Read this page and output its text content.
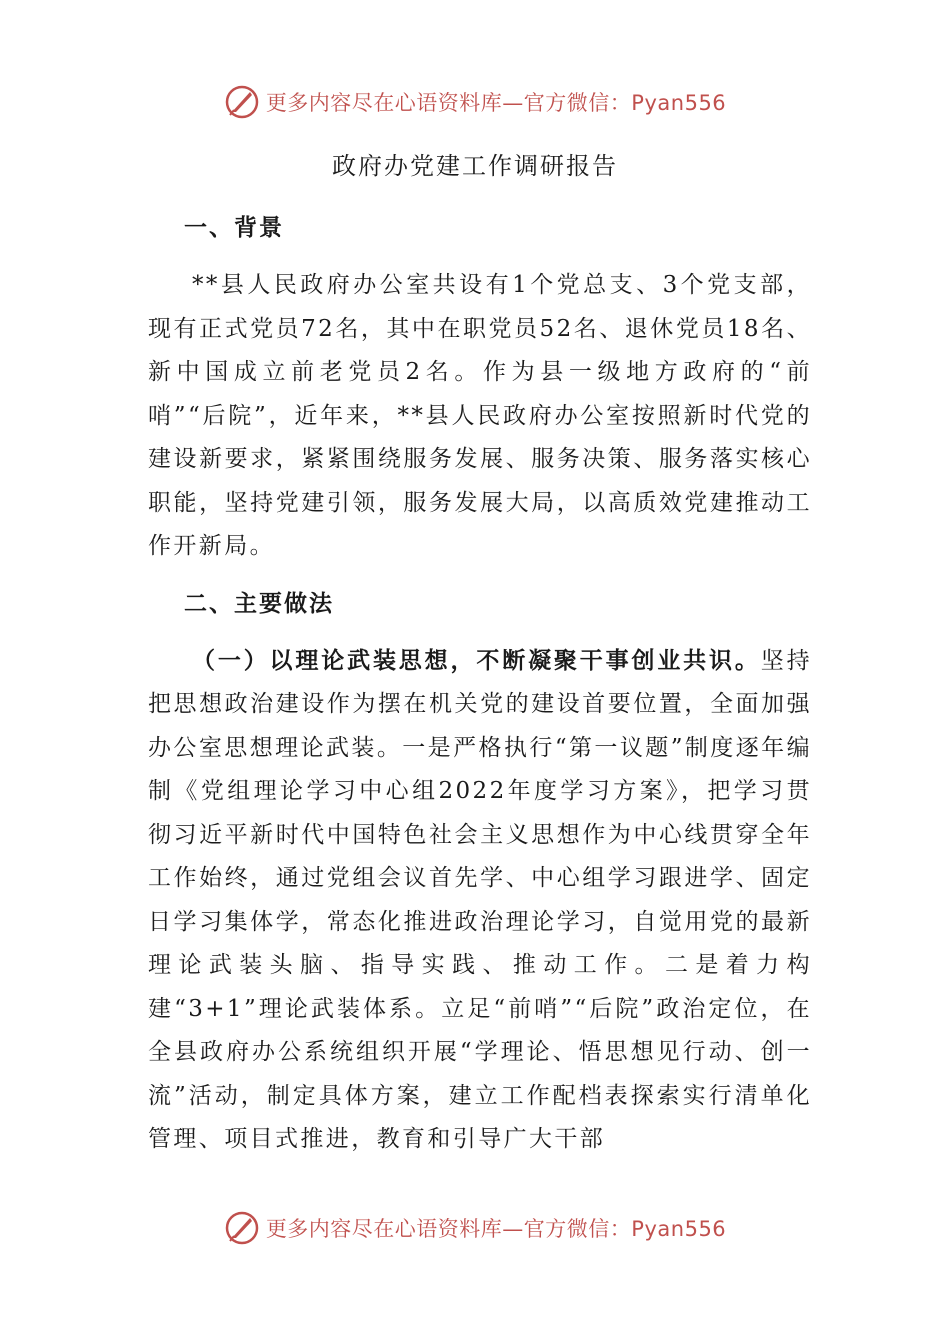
更多内容尽在心语资料库—官方微信：Pyan556
政府办党建工作调研报告
一、背景

**县人民政府办公室共设有1个党总支、3个党支部，现有正式党员72名，其中在职党员52名、退休党员18名、新中国成立前老党员2名。作为县一级地方政府的“前哨”“后院”，近年来，**县人民政府办公室按照新时代党的建设新要求，紧紧围绕服务发展、服务决策、服务落实核心职能，坚持党建引领，服务发展大局，以高质效党建推动工作开新局。

二、主要做法

（一）以理论武装思想，不断凝聚干事创业共识。坚持把思想政治建设作为摆在机关党的建设首要位置，全面加强办公室思想理论武装。一是严格执行“第一议题”制度逐年编制《党组理论学习中心组2022年度学习方案》，把学习贯彻习近平新时代中国特色社会主义思想作为中心线贯穿全年工作始终，通过党组会议首先学、中心组学习跟进学、固定日学习集体学，常态化推进政治理论学习，自觉用党的最新理论武装头脑、指导实践、推动工作。二是着力构建“3+1”理论武装体系。立足“前哨”“后院”政治定位，在全县政府办公系统组织开展“学理论、悟思想见行动、创一流”活动，制定具体方案，建立工作配档表探索实行清单化管理、项目式推进，教育和引导广大干部

更多内容尽在心语资料库—官方微信：Pyan556
